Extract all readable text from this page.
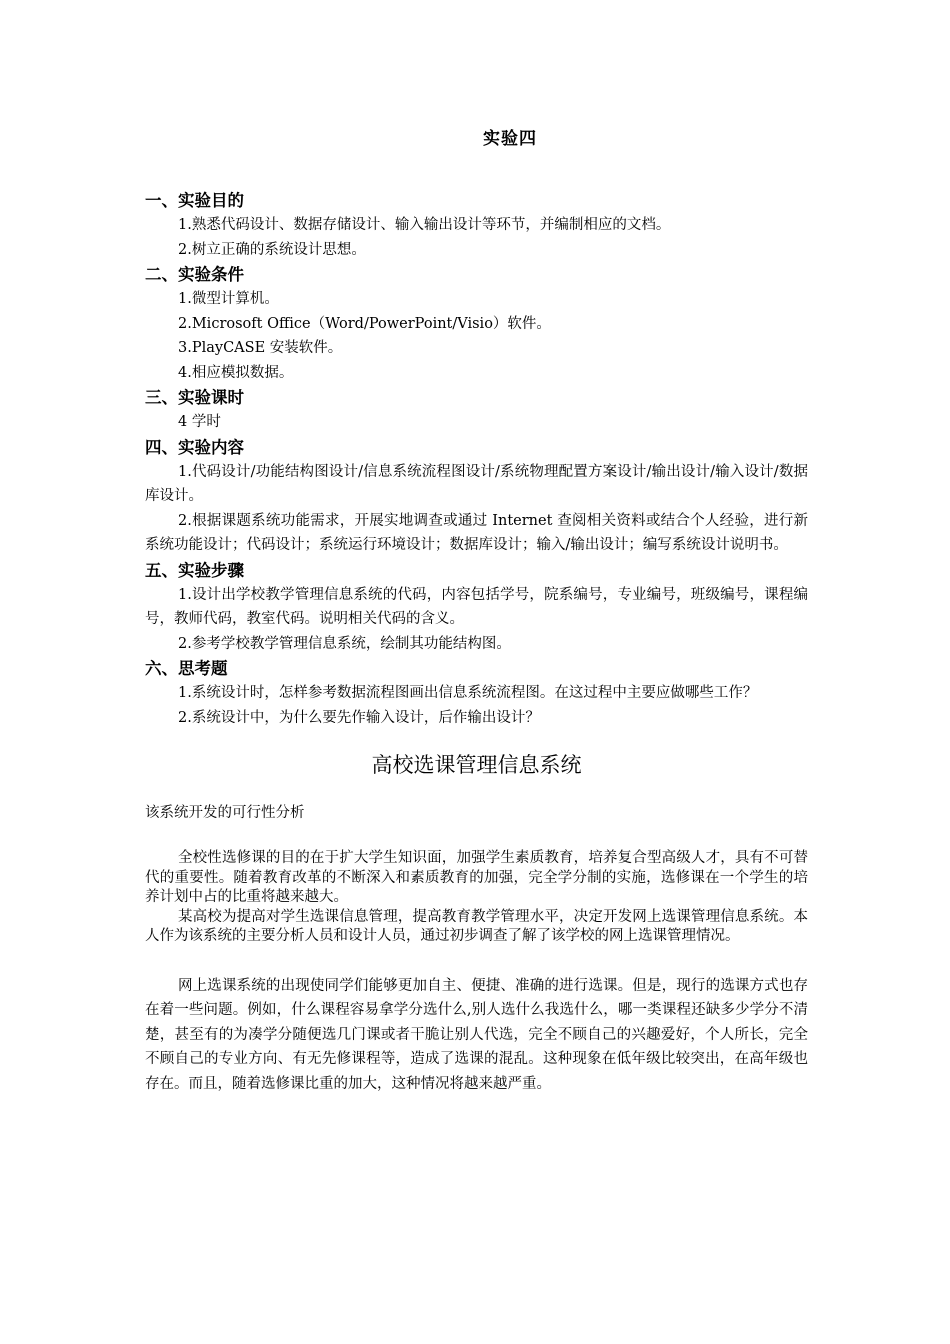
实验四
一、实验目的
1.熟悉代码设计、数据存储设计、输入输出设计等环节，并编制相应的文档。
2.树立正确的系统设计思想。
二、实验条件
1.微型计算机。
2.Microsoft Office（Word/PowerPoint/Visio）软件。
3.PlayCASE 安装软件。
4.相应模拟数据。
三、实验课时
4 学时
四、实验内容
1.代码设计/功能结构图设计/信息系统流程图设计/系统物理配置方案设计/输出设计/输入设计/数据库设计。
2.根据课题系统功能需求，开展实地调查或通过 Internet 查阅相关资料或结合个人经验，进行新系统功能设计；代码设计；系统运行环境设计；数据库设计；输入/输出设计；编写系统设计说明书。
五、实验步骤
1.设计出学校教学管理信息系统的代码，内容包括学号，院系编号，专业编号，班级编号，课程编号，教师代码，教室代码。说明相关代码的含义。
2.参考学校教学管理信息系统，绘制其功能结构图。
六、思考题
1.系统设计时，怎样参考数据流程图画出信息系统流程图。在这过程中主要应做哪些工作？
2.系统设计中，为什么要先作输入设计，后作输出设计？
高校选课管理信息系统
该系统开发的可行性分析
全校性选修课的目的在于扩大学生知识面，加强学生素质教育，培养复合型高级人才，具有不可替代的重要性。随着教育改革的不断深入和素质教育的加强，完全学分制的实施，选修课在一个学生的培养计划中占的比重将越来越大。
某高校为提高对学生选课信息管理，提高教育教学管理水平，决定开发网上选课管理信息系统。本人作为该系统的主要分析人员和设计人员，通过初步调查了解了该学校的网上选课管理情况。
网上选课系统的出现使同学们能够更加自主、便捷、准确的进行选课。但是，现行的选课方式也存在着一些问题。例如，什么课程容易拿学分选什么,别人选什么我选什么，哪一类课程还缺多少学分不清楚，甚至有的为凑学分随便选几门课或者干脆让别人代选，完全不顾自己的兴趣爱好，个人所长，完全不顾自己的专业方向、有无先修课程等，造成了选课的混乱。这种现象在低年级比较突出，在高年级也存在。而且，随着选修课比重的加大，这种情况将越来越严重。
